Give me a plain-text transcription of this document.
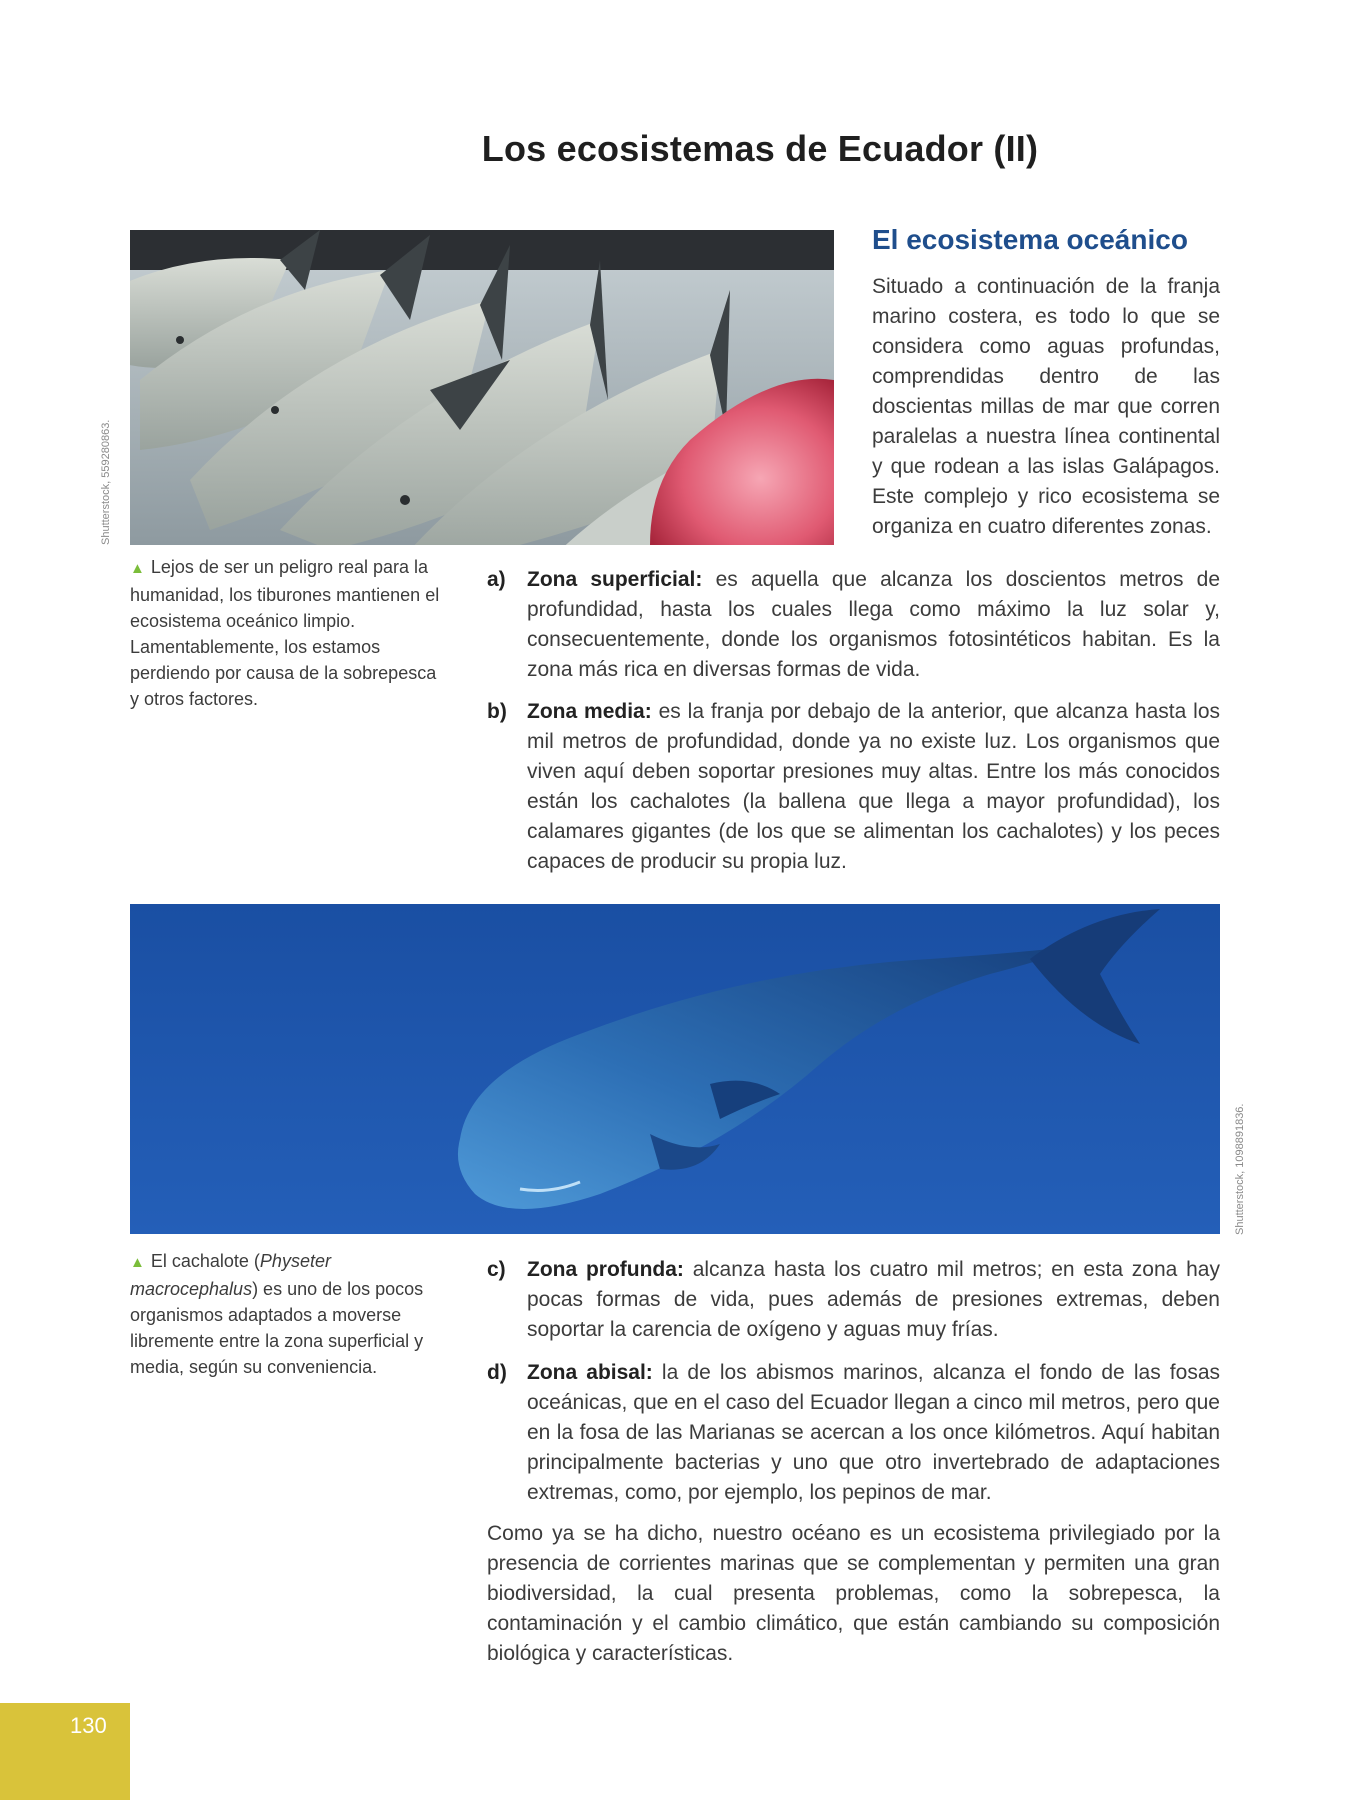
Los ecosistemas de Ecuador (II)
Shutterstock, 559280863.
El ecosistema oceánico

Situado a continuación de la franja marino costera, es todo lo que se considera como aguas profundas, comprendidas dentro de las doscientas millas de mar que corren paralelas a nuestra línea continental y que rodean a las islas Galápagos. Este complejo y rico ecosistema se organiza en cuatro diferentes zonas.

▲ Lejos de ser un peligro real para la humanidad, los tiburones mantienen el ecosistema oceánico limpio. Lamentablemente, los estamos perdiendo por causa de la sobrepesca y otros factores.
a) Zona superficial: es aquella que alcanza los doscientos metros de profundidad, hasta los cuales llega como máximo la luz solar y, consecuentemente, donde los organismos fotosintéticos habitan. Es la zona más rica en diversas formas de vida.
b) Zona media: es la franja por debajo de la anterior, que alcanza hasta los mil metros de profundidad, donde ya no existe luz. Los organismos que viven aquí deben soportar presiones muy altas. Entre los más conocidos están los cachalotes (la ballena que llega a mayor profundidad), los calamares gigantes (de los que se alimentan los cachalotes) y los peces capaces de producir su propia luz.
Shutterstock, 1098891836.
▲ El cachalote (Physeter macrocephalus) es uno de los pocos organismos adaptados a moverse libremente entre la zona superficial y media, según su conveniencia.
c) Zona profunda: alcanza hasta los cuatro mil metros; en esta zona hay pocas formas de vida, pues además de presiones extremas, deben soportar la carencia de oxígeno y aguas muy frías.
d) Zona abisal: la de los abismos marinos, alcanza el fondo de las fosas oceánicas, que en el caso del Ecuador llegan a cinco mil metros, pero que en la fosa de las Marianas se acercan a los once kilómetros. Aquí habitan principalmente bacterias y uno que otro invertebrado de adaptaciones extremas, como, por ejemplo, los pepinos de mar.

Como ya se ha dicho, nuestro océano es un ecosistema privilegiado por la presencia de corrientes marinas que se complementan y permiten una gran biodiversidad, la cual presenta problemas, como la sobrepesca, la contaminación y el cambio climático, que están cambiando su composición biológica y características.

130
